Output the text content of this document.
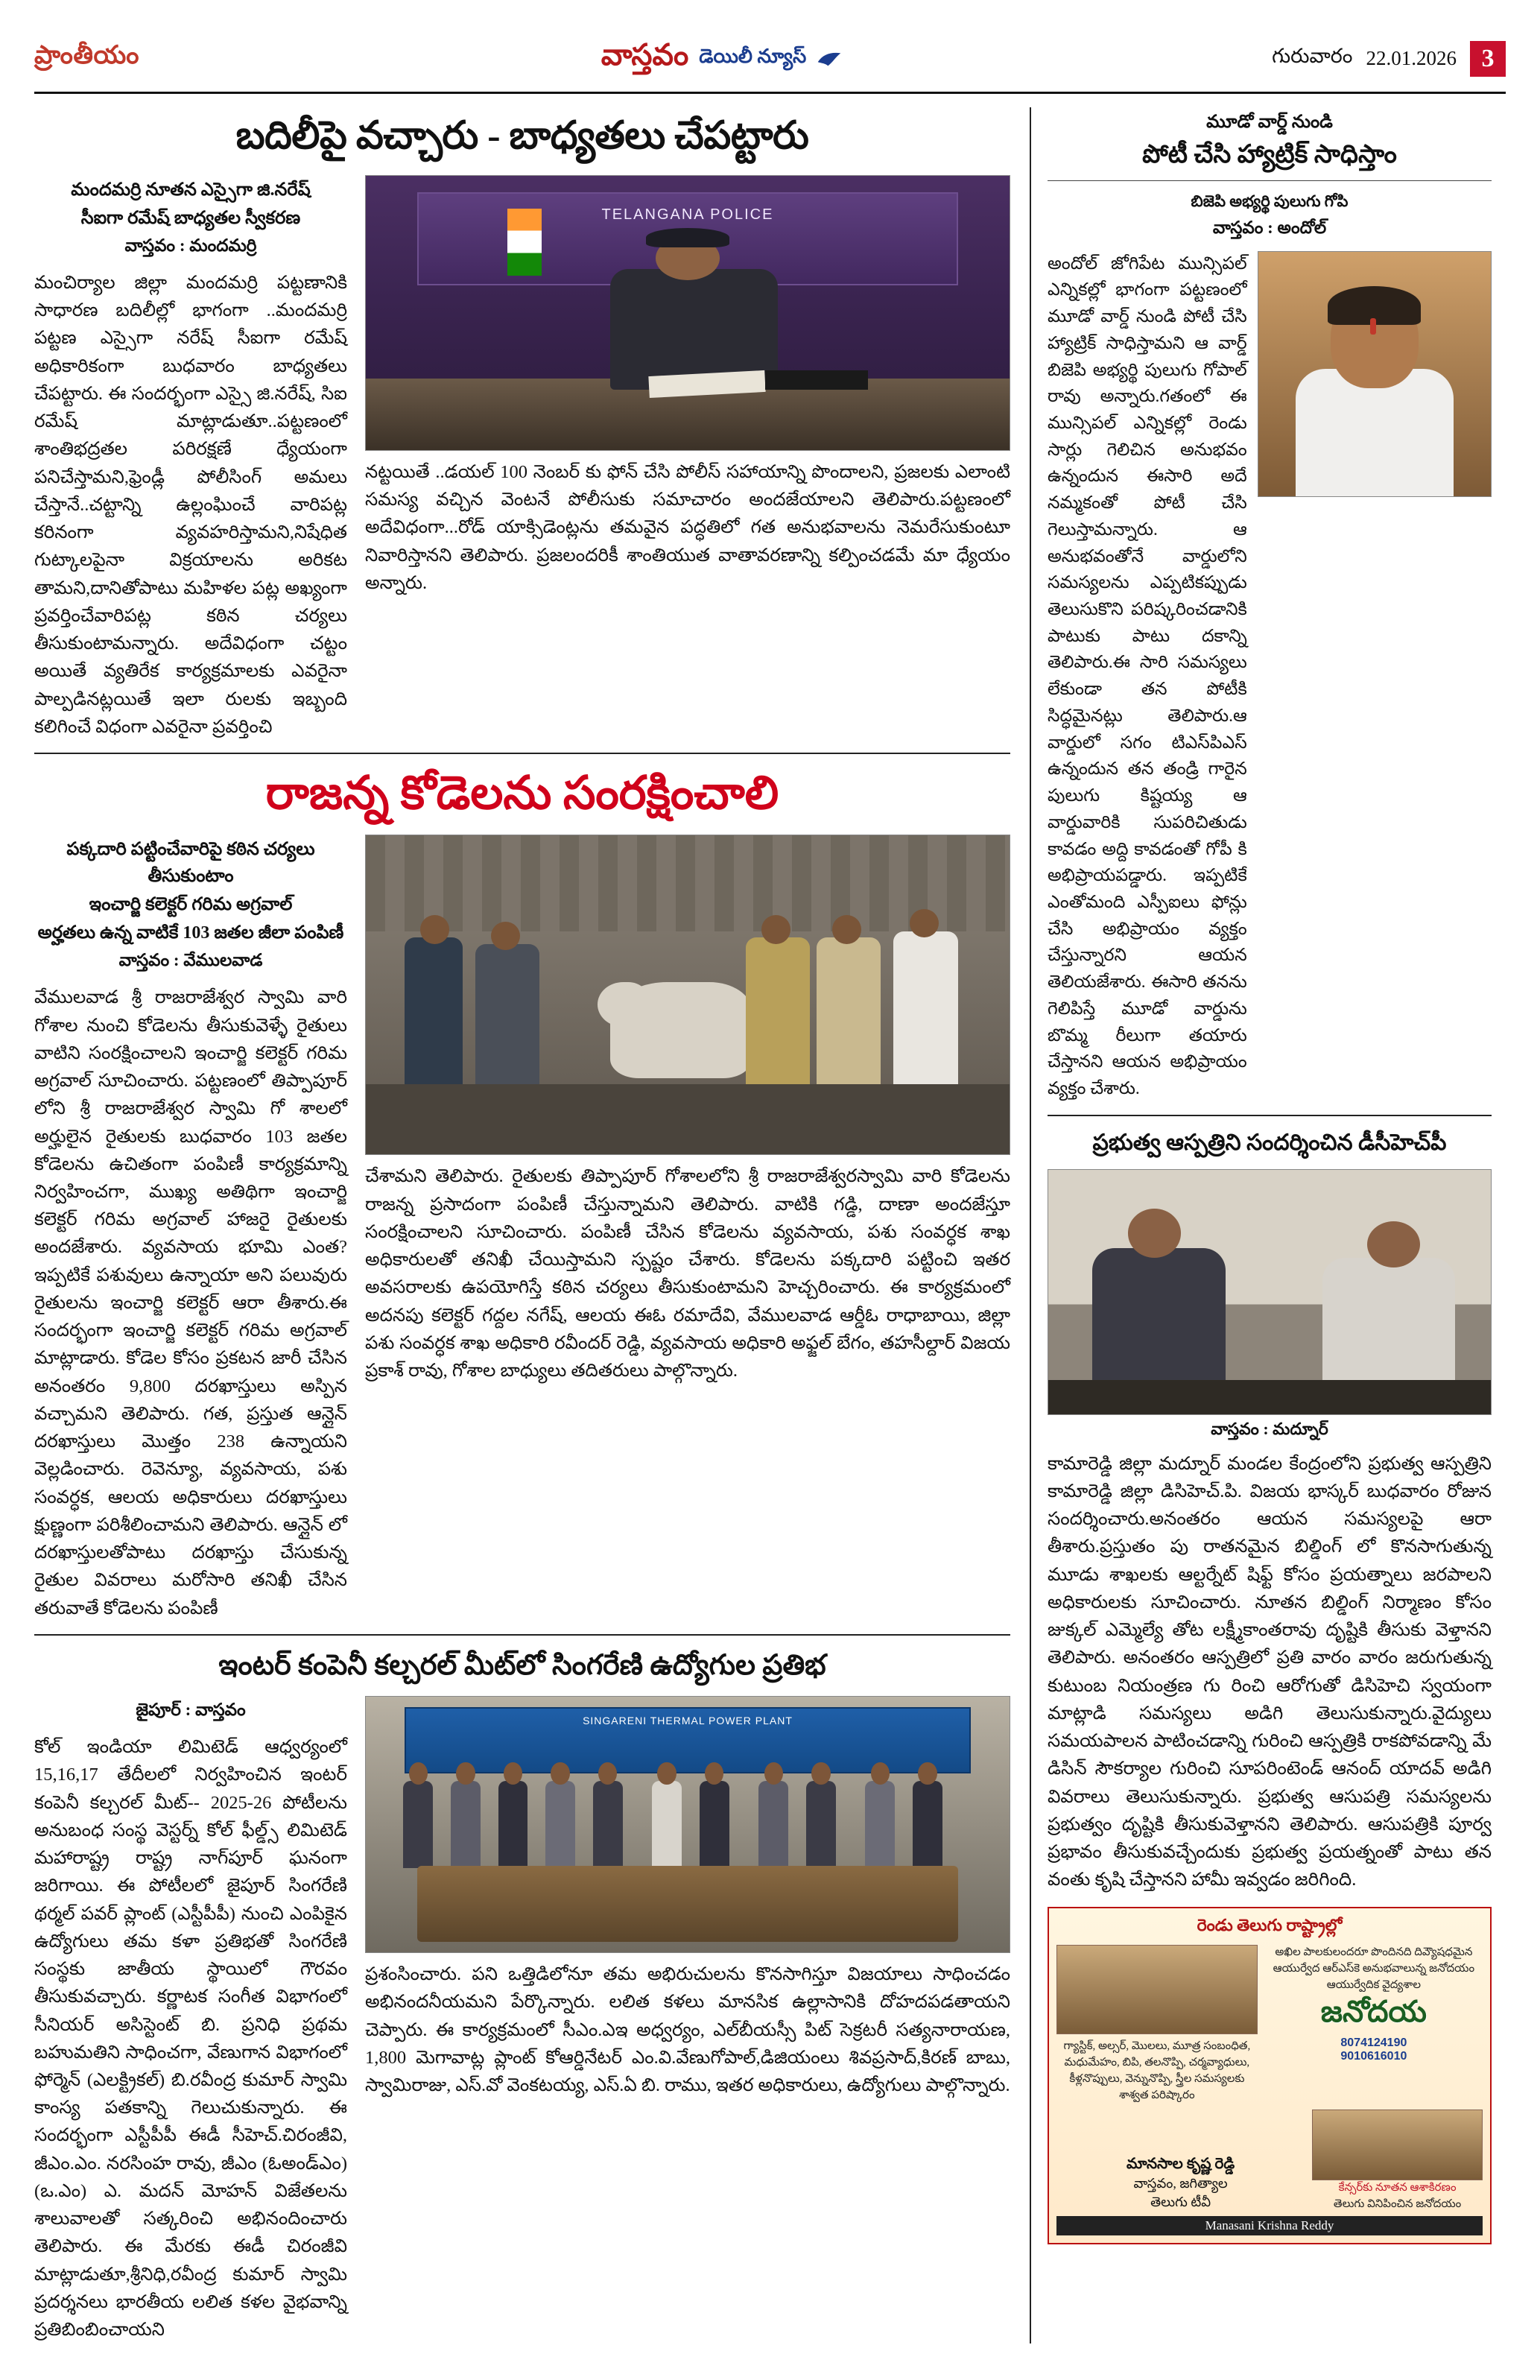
ప్రాంతీయం	వాస్తవం డెయిలీ న్యూస్	గురువారం 22.01.2026 3
బదిలీపై వచ్చారు - బాధ్యతలు చేపట్టారు
మందమర్రి నూతన ఎస్సైగా జి.నరేష్
సీఐగా రమేష్ బాధ్యతల స్వీకరణ
వాస్తవం : మందమర్రి
మంచిర్యాల జిల్లా మందమర్రి పట్టణానికి సాధారణ బదిలీల్లో భాగంగా ..మందమర్రి పట్టణ ఎస్సైగా నరేష్ సీఐగా రమేష్ అధికారికంగా బుధవారం బాధ్యతలు చేపట్టారు. ఈ సందర్భంగా ఎస్సై జి.నరేష్, సిఐ రమేష్ మాట్లాడుతూ..పట్టణంలో శాంతిభద్రతల పరిరక్షణే ధ్యేయంగా పనిచేస్తామని,ఫ్రెండ్లీ పోలీసింగ్ అమలు చేస్తానే..చట్టాన్ని ఉల్లంఘించే వారిపట్ల కరినంగా వ్యవహరిస్తామని,నిషేధిత గుట్కాలపైనా విక్రయాలను అరికట తామని,దానితోపాటు మహిళల పట్ల అఖ్యంగా ప్రవర్తించేవారిపట్ల కఠిన చర్యలు తీసుకుంటామన్నారు. అదేవిధంగా చట్టం అయితే వ్యతిరేక కార్యక్రమాలకు ఎవరైనా పాల్పడినట్లయితే ఇలా రులకు ఇబ్బంది కలిగించే విధంగా ఎవరైనా ప్రవర్తించి
TELANGANA POLICE
నట్టయితే ..డయల్ 100 నెంబర్ కు ఫోన్ చేసి పోలీస్ సహాయాన్ని పొందాలని, ప్రజలకు ఎలాంటి సమస్య వచ్చిన వెంటనే పోలీసుకు సమాచారం అందజేయాలని తెలిపారు.పట్టణంలో అదేవిధంగా...రోడ్ యాక్సిడెంట్లను తమవైన పద్ధతిలో గత అనుభవాలను నెమరేసుకుంటూ నివారిస్తానని తెలిపారు. ప్రజలందరికీ శాంతియుత వాతావరణాన్ని కల్పించడమే మా ధ్యేయం అన్నారు.
రాజన్న కోడెలను సంరక్షించాలి
పక్కదారి పట్టించేవారిపై కఠిన చర్యలు తీసుకుంటాం
ఇంచార్జి కలెక్టర్ గరిమ అగ్రవాల్
అర్హతలు ఉన్న వాటికే 103 జతల జీలా పంపిణీ
వాస్తవం : వేములవాడ
వేములవాడ శ్రీ రాజరాజేశ్వర స్వామి వారి గోశాల నుంచి కోడెలను తీసుకువెళ్ళే రైతులు వాటిని సంరక్షించాలని ఇంచార్జి కలెక్టర్ గరిమ అగ్రవాల్ సూచించారు. పట్టణంలో తిప్పాపూర్ లోని శ్రీ రాజరాజేశ్వర స్వామి గో శాలలో అర్హులైన రైతులకు బుధవారం 103 జతల కోడెలను ఉచితంగా పంపిణీ కార్యక్రమాన్ని నిర్వహించగా, ముఖ్య అతిథిగా ఇంచార్జి కలెక్టర్ గరిమ అగ్రవాల్ హాజరై రైతులకు అందజేశారు. వ్యవసాయ భూమి ఎంత? ఇప్పటికే పశువులు ఉన్నాయా అని పలువురు రైతులను ఇంచార్జి కలెక్టర్ ఆరా తీశారు.ఈ సందర్భంగా ఇంచార్జి కలెక్టర్ గరిమ అగ్రవాల్ మాట్లాడారు. కోడెల కోసం ప్రకటన జారీ చేసిన అనంతరం 9,800 దరఖాస్తులు అస్పిన వచ్చామని తెలిపారు. గత, ప్రస్తుత ఆన్లైన్ దరఖాస్తులు మొత్తం 238 ఉన్నాయని వెల్లడించారు. రెవెన్యూ, వ్యవసాయ, పశు సంవర్ధక, ఆలయ అధికారులు దరఖాస్తులు క్షుణ్ణంగా పరిశీలించామని తెలిపారు. ఆన్లైన్ లో దరఖాస్తులతోపాటు దరఖాస్తు చేసుకున్న రైతుల వివరాలు మరోసారి తనిఖీ చేసిన తరువాతే కోడెలను పంపిణీ
చేశామని తెలిపారు. రైతులకు తిప్పాపూర్ గోశాలలోని శ్రీ రాజరాజేశ్వరస్వామి వారి కోడెలను రాజన్న ప్రసాదంగా పంపిణీ చేస్తున్నామని తెలిపారు. వాటికి గడ్డి, దాణా అందజేస్తూ సంరక్షించాలని సూచించారు. పంపిణీ చేసిన కోడెలను వ్యవసాయ, పశు సంవర్ధక శాఖ అధికారులతో తనిఖీ చేయిస్తామని స్పష్టం చేశారు. కోడెలను పక్కదారి పట్టించి ఇతర అవసరాలకు ఉపయోగిస్తే కఠిన చర్యలు తీసుకుంటామని హెచ్చరించారు. ఈ కార్యక్రమంలో అదనపు కలెక్టర్ గద్దల నగేష్, ఆలయ ఈఓ రమాదేవి, వేములవాడ ఆర్డీఓ రాధాబాయి, జిల్లా పశు సంవర్ధక శాఖ అధికారి రవీందర్ రెడ్డి, వ్యవసాయ అధికారి అఫ్జల్ బేగం, తహసీల్దార్ విజయ ప్రకాశ్ రావు, గోశాల బాధ్యులు తదితరులు పాల్గొన్నారు.
ఇంటర్ కంపెనీ కల్చరల్ మీట్‌లో సింగరేణి ఉద్యోగుల ప్రతిభ
జైపూర్ : వాస్తవం
కోల్ ఇండియా లిమిటెడ్ ఆధ్వర్యంలో 15,16,17 తేదీలలో నిర్వహించిన ఇంటర్ కంపెనీ కల్చరల్ మీట్-- 2025-26 పోటీలను అనుబంధ సంస్థ వెస్టర్న్ కోల్ ఫీల్డ్స్ లిమిటెడ్ మహారాష్ట్ర రాష్ట్ర నాగ్‌పూర్ ఘనంగా జరిగాయి. ఈ పోటీలలో జైపూర్ సింగరేణి థర్మల్ పవర్ ప్లాంట్ (ఎస్టీపీపీ) నుంచి ఎంపికైన ఉద్యోగులు తమ కళా ప్రతిభతో సింగరేణి సంస్థకు జాతీయ స్థాయిలో గౌరవం తీసుకువచ్చారు. కర్ణాటక సంగీత విభాగంలో సీనియర్ అసిస్టెంట్ బి. ప్రనిధి ప్రథమ బహుమతిని సాధించగా, వేణుగాన విభాగంలో ఫోర్మెన్ (ఎలక్ట్రికల్) బి.రవీంద్ర కుమార్ స్వామి కాంస్య పతకాన్ని గెలుచుకున్నారు. ఈ సందర్భంగా ఎస్టీపీపీ ఈడీ సీహెచ్.చిరంజీవి, జీఎం.ఎం. నరసింహ రావు, జీఎం (ఓఅండ్ఎం) (ఒ.ఎం) ఎ. మదన్ మోహన్ విజేతలను శాలువాలతో సత్కరించి అభినందించారు తెలిపారు. ఈ మేరకు ఈడీ చిరంజీవి మాట్లాడుతూ,శ్రీనిధి,రవీంద్ర కుమార్ స్వామి ప్రదర్శనలు భారతీయ లలిత కళల వైభవాన్ని ప్రతిబింబించాయని
SINGARENI THERMAL POWER PLANT
ప్రశంసించారు. పని ఒత్తిడిలోనూ తమ అభిరుచులను కొనసాగిస్తూ విజయాలు సాధించడం అభినందనీయమని పేర్కొన్నారు. లలిత కళలు మానసిక ఉల్లాసానికి దోహదపడతాయని చెప్పారు. ఈ కార్యక్రమంలో సీఎం.ఎఇ అధ్వర్యం, ఎల్‌బీయస్సీ పిట్ సెక్రటరీ సత్యనారాయణ, 1,800 మెగావాట్ల ప్లాంట్ కోఆర్డినేటర్ ఎం.వి.వేణుగోపాల్,డిజియంలు శివప్రసాద్,కిరణ్ బాబు, స్వామిరాజు, ఎస్.వో వెంకటయ్య, ఎస్.ఏ బి. రాము, ఇతర అధికారులు, ఉద్యోగులు పాల్గొన్నారు.
మూడో వార్డ్ నుండి
పోటీ చేసి హ్యాట్రిక్ సాధిస్తాం
బిజెపి అభ్యర్థి పులుగు గోపి
వాస్తవం : అందోల్
అందోల్ జోగిపేట మున్సిపల్ ఎన్నికల్లో భాగంగా పట్టణంలో మూడో వార్డ్ నుండి పోటీ చేసి హ్యాట్రిక్ సాధిస్తామని ఆ వార్డ్ బిజెపి అభ్యర్థి పులుగు గోపాల్ రావు అన్నారు.గతంలో ఈ మున్సిపల్ ఎన్నికల్లో రెండు సార్లు గెలిచిన అనుభవం ఉన్నందున ఈసారి అదే నమ్మకంతో పోటీ చేసి గెలుస్తామన్నారు. ఆ అనుభవంతోనే వార్డులోని సమస్యలను ఎప్పటికప్పుడు తెలుసుకొని పరిష్కరించడానికి పాటుకు పాటు దకాన్ని తెలిపారు.ఈ సారి సమస్యలు లేకుండా తన పోటీకి సిద్ధమైనట్లు తెలిపారు.ఆ వార్డులో సగం టిఎస్‌పిఎస్ ఉన్నందున తన తండ్రి గారైన పులుగు కిష్టయ్య ఆ వార్డువారికి సుపరిచితుడు కావడం అద్ది కావడంతో గోపీ కి అభిప్రాయపడ్డారు. ఇప్పటికే ఎంతోమంది ఎస్పీఐలు ఫోన్లు చేసి అభిప్రాయం వ్యక్తం చేస్తున్నారని ఆయన తెలియజేశారు. ఈసారి తనను గెలిపిస్తే మూడో వార్డును బొమ్మ రీలుగా తయారు చేస్తానని ఆయన అభిప్రాయం వ్యక్తం చేశారు.
ప్రభుత్వ ఆస్పత్రిని సందర్శించిన డీసీహెచ్‌పీ
వాస్తవం : మద్నూర్
కామారెడ్డి జిల్లా మద్నూర్ మండల కేంద్రంలోని ప్రభుత్వ ఆస్పత్రిని కామారెడ్డి జిల్లా డిసిహెచ్.పి. విజయ భాస్కర్ బుధవారం రోజున సందర్శించారు.అనంతరం ఆయన సమస్యలపై ఆరా తీశారు.ప్రస్తుతం పు రాతనమైన బిల్డింగ్ లో కొనసాగుతున్న మూడు శాఖలకు ఆల్టర్నేట్ షిఫ్ట్ కోసం ప్రయత్నాలు జరపాలని అధికారులకు సూచించారు. నూతన బిల్డింగ్ నిర్మాణం కోసం జుక్కల్ ఎమ్మెల్యే తోట లక్ష్మీకాంతరావు దృష్టికి తీసుకు వెళ్తానని తెలిపారు. అనంతరం ఆస్పత్రిలో ప్రతి వారం వారం జరుగుతున్న కుటుంబ నియంత్రణ గు రించి ఆరోగుతో డిసిహెచి స్వయంగా మాట్లాడి సమస్యలు అడిగి తెలుసుకున్నారు.వైద్యులు సమయపాలన పాటించడాన్ని గురించి ఆస్పత్రికి రాకపోవడాన్ని మే డిసిన్ సౌకర్యాల గురించి సూపరింటెండ్ ఆనంద్ యాదవ్ అడిగి వివరాలు తెలుసుకున్నారు. ప్రభుత్వ ఆసుపత్రి సమస్యలను ప్రభుత్వం దృష్టికి తీసుకువెళ్తానని తెలిపారు. ఆసుపత్రికి పూర్వ ప్రభావం తీసుకువచ్చేందుకు ప్రభుత్వ ప్రయత్నంతో పాటు తన వంతు కృషి చేస్తానని హామీ ఇవ్వడం జరిగింది.
రెండు తెలుగు రాష్ట్రాల్లో
గ్యాస్టిక్, అల్సర్, మొలలు, మూత్ర సంబంధిత, మధుమేహం, బిపి, తలనొప్పి, చర్మవ్యాధులు, కీళ్లనొప్పులు, వెన్నునొప్పి, స్త్రీల సమస్యలకు శాశ్వత పరిష్కారం
అఖిల పాలకులందరూ పొందినది దివ్యౌషధమైన ఆయుర్వేద ఆర్‌ఎస్‌కె అనుభవాలున్న జనోదయం ఆయుర్వేదిక వైద్యశాల
జనోదయ
8074124190
9010616010
మానసాల కృష్ణ రెడ్డి
వాస్తవం, జగిత్యాల
తెలుగు టీవీ
కేన్సర్‌కు నూతన ఆశాకిరణం
తెలుగు వినిపించిన జనోదయం
Manasani Krishna Reddy
